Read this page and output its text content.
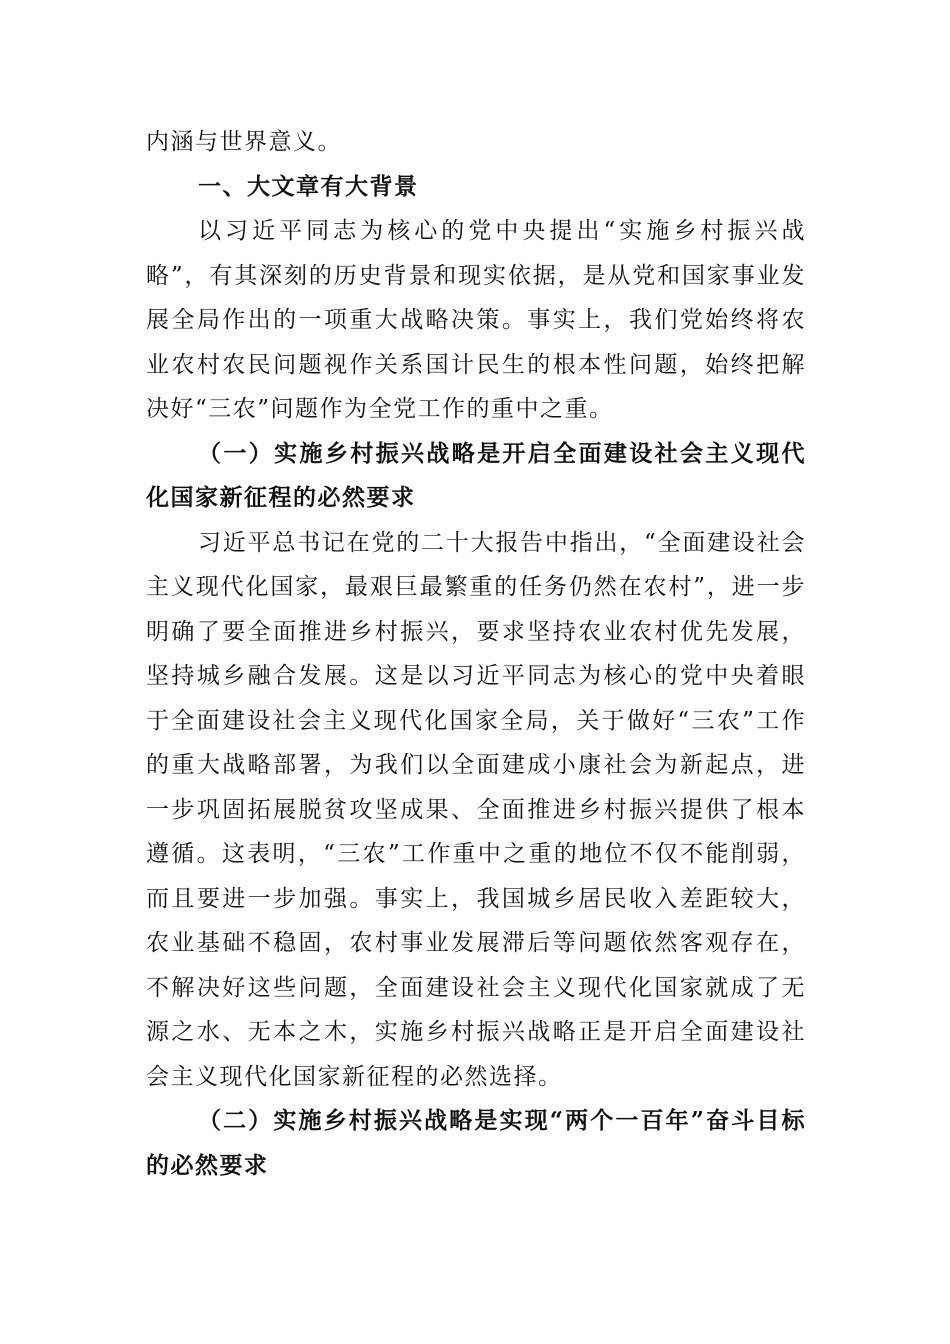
内涵与世界意义。

一、大文章有大背景

以习近平同志为核心的党中央提出“实施乡村振兴战略”，有其深刻的历史背景和现实依据，是从党和国家事业发展全局作出的一项重大战略决策。事实上，我们党始终将农业农村农民问题视作关系国计民生的根本性问题，始终把解决好“三农”问题作为全党工作的重中之重。

（一）实施乡村振兴战略是开启全面建设社会主义现代化国家新征程的必然要求

习近平总书记在党的二十大报告中指出，“全面建设社会主义现代化国家，最艰巨最繁重的任务仍然在农村”，进一步明确了要全面推进乡村振兴，要求坚持农业农村优先发展，坚持城乡融合发展。这是以习近平同志为核心的党中央着眼于全面建设社会主义现代化国家全局，关于做好“三农”工作的重大战略部署，为我们以全面建成小康社会为新起点，进一步巩固拓展脱贫攻坚成果、全面推进乡村振兴提供了根本遵循。这表明，“三农”工作重中之重的地位不仅不能削弱，而且要进一步加强。事实上，我国城乡居民收入差距较大，农业基础不稳固，农村事业发展滞后等问题依然客观存在，不解决好这些问题，全面建设社会主义现代化国家就成了无源之水、无本之木，实施乡村振兴战略正是开启全面建设社会主义现代化国家新征程的必然选择。

（二）实施乡村振兴战略是实现“两个一百年”奋斗目标的必然要求
